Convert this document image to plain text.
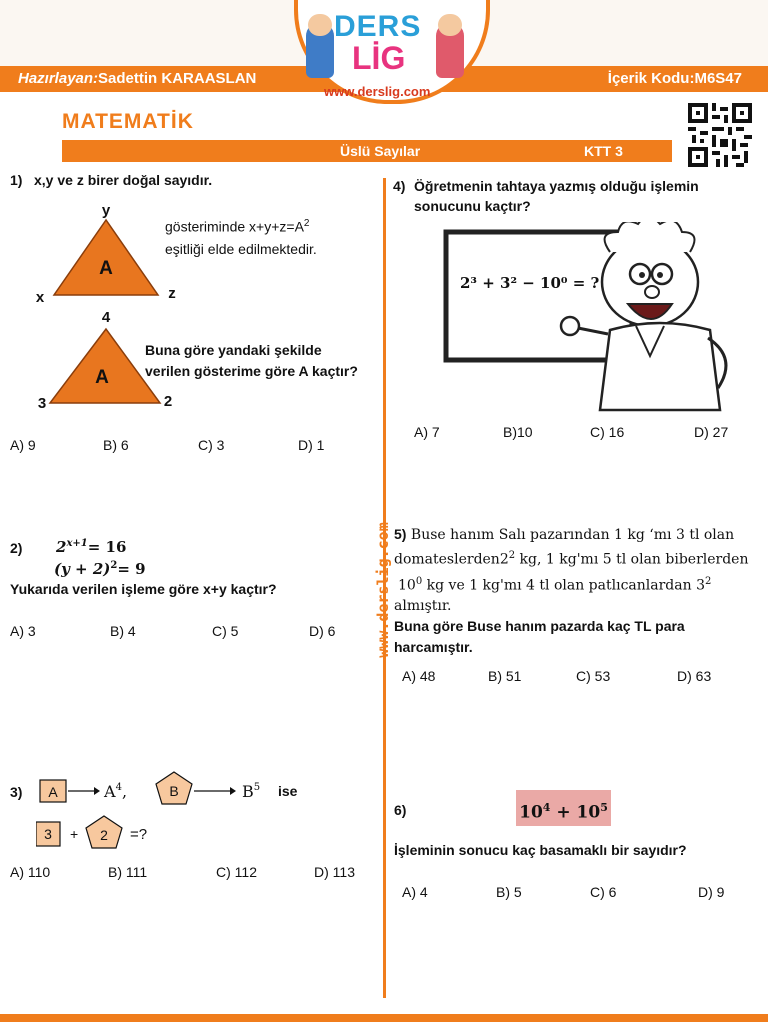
Hazırlayan:Sadettin KARAASLAN	İçerik Kodu:M6S47
DERS
LİG
www.derslig.com
MATEMATİK
Üslü Sayılar	KTT 3
www.derslig.com
1) x,y ve z birer doğal sayıdır.
A
y
x	z
gösteriminde $x+y+z=A^2$
eşitliği elde edilmektedir.
A
4
3	2
Buna göre yandaki şekilde
verilen gösterime göre A kaçtır?
A) 9	B) 6	C) 3	D) 1
2) $2^{x+1}= 16$
$(y + 2)^2= 9$
Yukarıda verilen işleme göre x+y kaçtır?
A) 3	B) 4	C) 5	D) 6
3) A	$A^4$,	B	$B^5$ ise
3 + 2 =?
A) 110	B) 111	C) 112	D) 113
4) Öğretmenin tahtaya yazmış olduğu işlemin
sonucunu kaçtır?
2³ + 3² − 10⁰ = ?
A) 7	B)10	C) 16	D) 27
5) Buse hanım Salı pazarından 1 kg ‘mı 3 tl olan
$domateslerden2^2$ kg, 1 kg'mı 5 tl olan biberlerden
$10^0$ kg ve 1 kg'mı 4 tl olan patlıcanlardan $3^2$
almıştır.
Buna göre Buse hanım pazarda kaç TL para
harcamıştır.
A) 48	B) 51	C) 53	D) 63
6)	$10^4 + 10^5$
İşleminin sonucu kaç basamaklı bir sayıdır?
A) 4	B) 5	C) 6	D) 9
